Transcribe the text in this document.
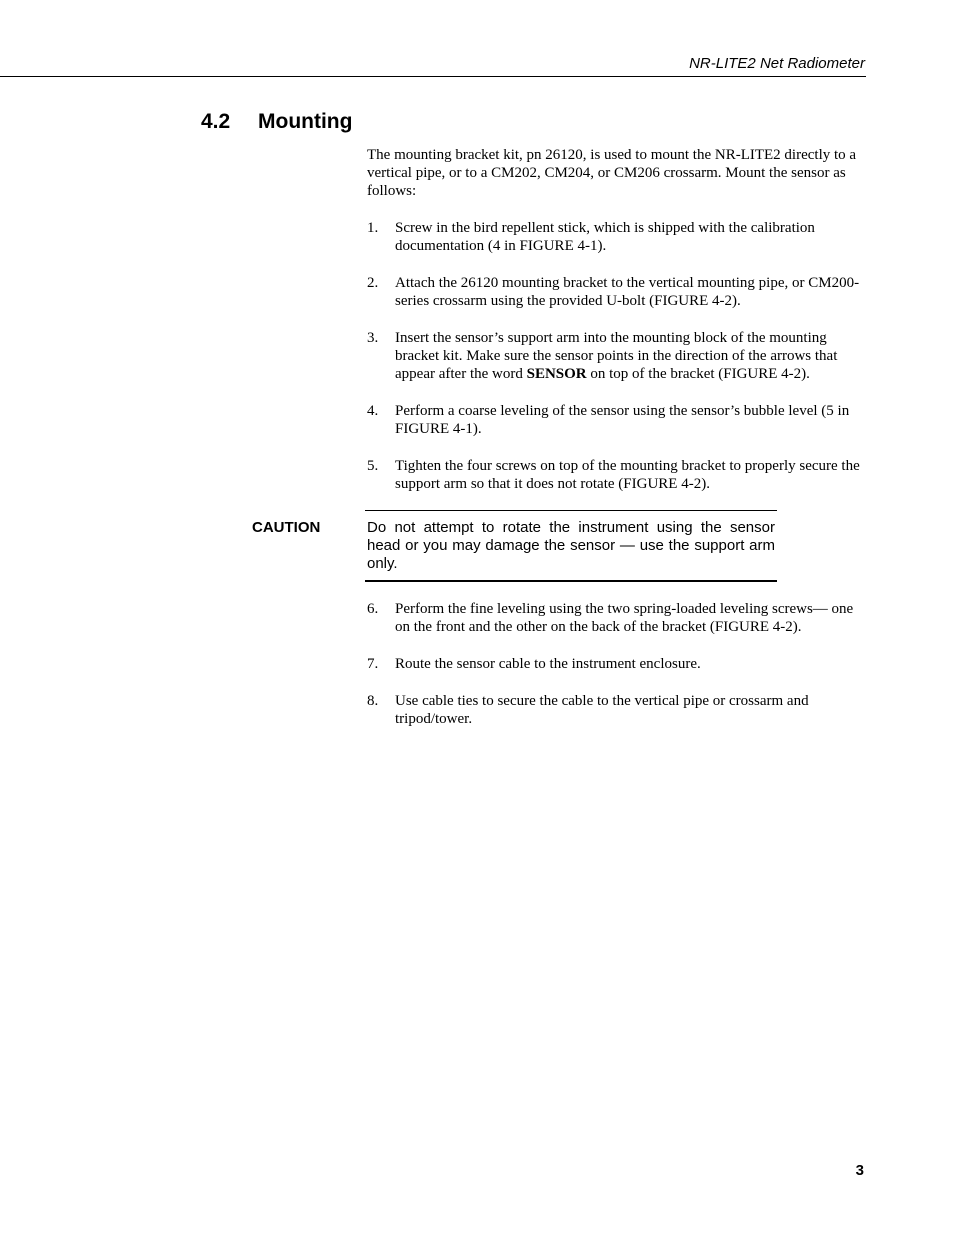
NR-LITE2 Net Radiometer
4.2 Mounting

The mounting bracket kit, pn 26120, is used to mount the NR-LITE2 directly to a vertical pipe, or to a CM202, CM204, or CM206 crossarm. Mount the sensor as follows:

1. Screw in the bird repellent stick, which is shipped with the calibration documentation (4 in FIGURE 4-1).
2. Attach the 26120 mounting bracket to the vertical mounting pipe, or CM200-series crossarm using the provided U-bolt (FIGURE 4-2).
3. Insert the sensor’s support arm into the mounting block of the mounting bracket kit. Make sure the sensor points in the direction of the arrows that appear after the word SENSOR on top of the bracket (FIGURE 4-2).
4. Perform a coarse leveling of the sensor using the sensor’s bubble level (5 in FIGURE 4-1).
5. Tighten the four screws on top of the mounting bracket to properly secure the support arm so that it does not rotate (FIGURE 4-2).
CAUTION	Do not attempt to rotate the instrument using the sensor head or you may damage the sensor — use the support arm only.

6. Perform the fine leveling using the two spring-loaded leveling screws— one on the front and the other on the back of the bracket (FIGURE 4-2).
7. Route the sensor cable to the instrument enclosure.
8. Use cable ties to secure the cable to the vertical pipe or crossarm and tripod/tower.
3
